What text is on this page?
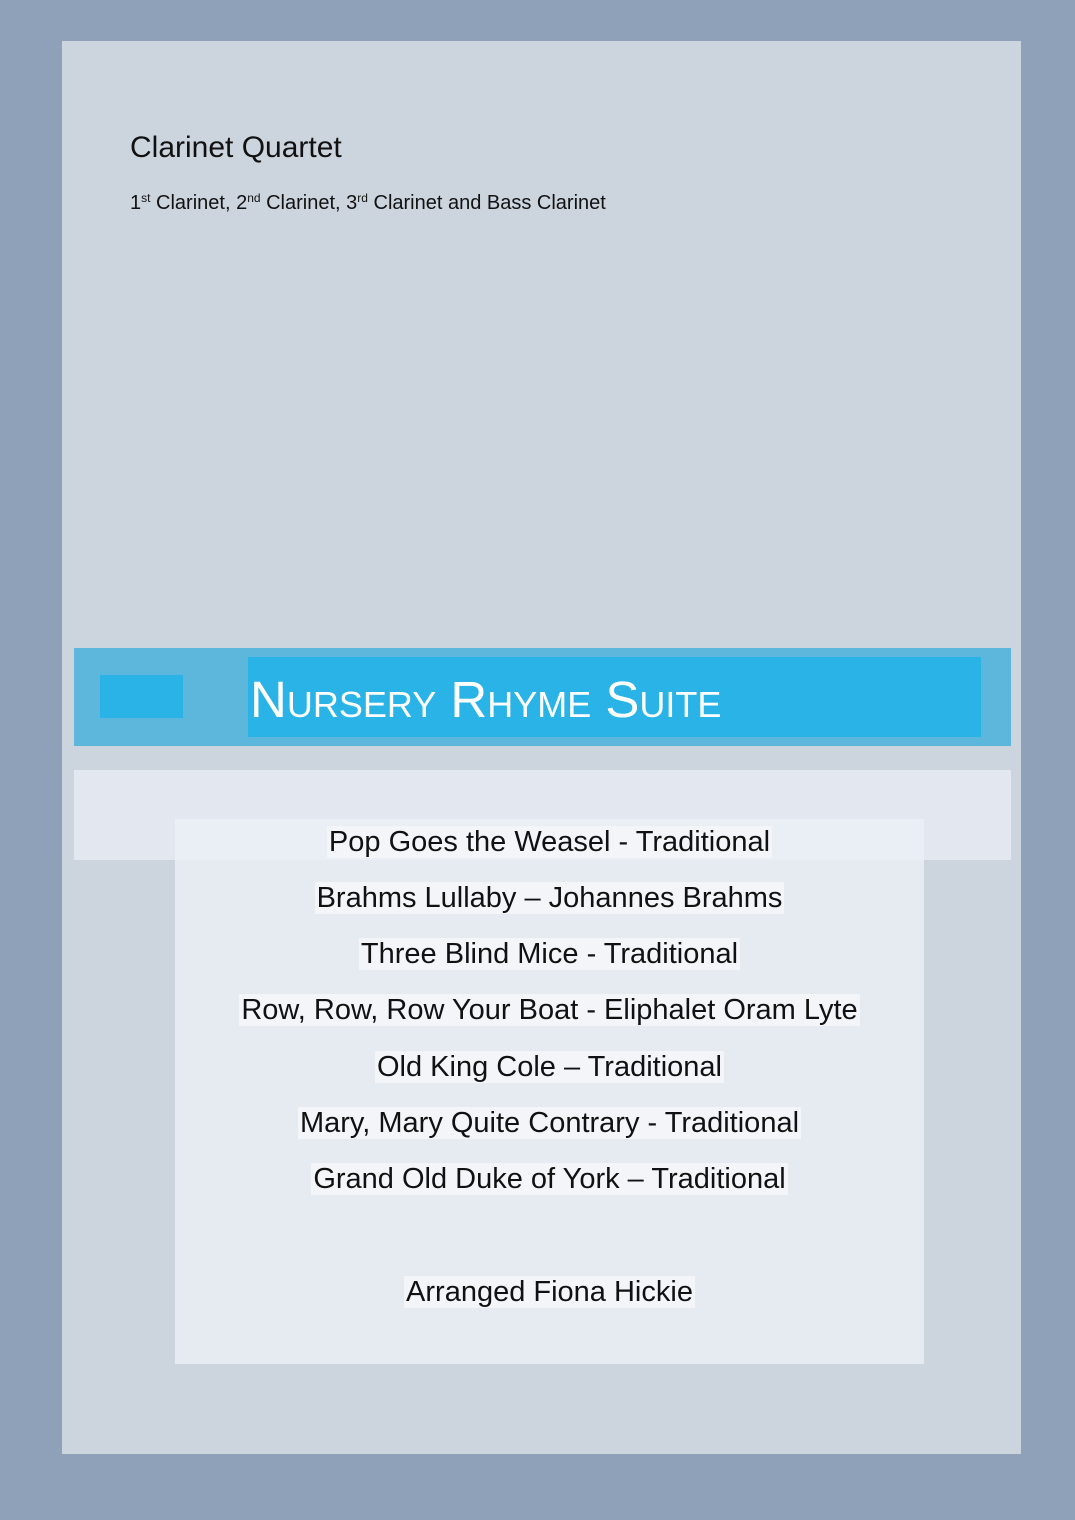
Clarinet Quartet
1st Clarinet, 2nd Clarinet, 3rd Clarinet and Bass Clarinet
Nursery Rhyme Suite
Pop Goes the Weasel - Traditional
Brahms Lullaby – Johannes Brahms
Three Blind Mice - Traditional
Row, Row, Row Your Boat - Eliphalet Oram Lyte
Old King Cole – Traditional
Mary, Mary Quite Contrary - Traditional
Grand Old Duke of York – Traditional
Arranged Fiona Hickie
